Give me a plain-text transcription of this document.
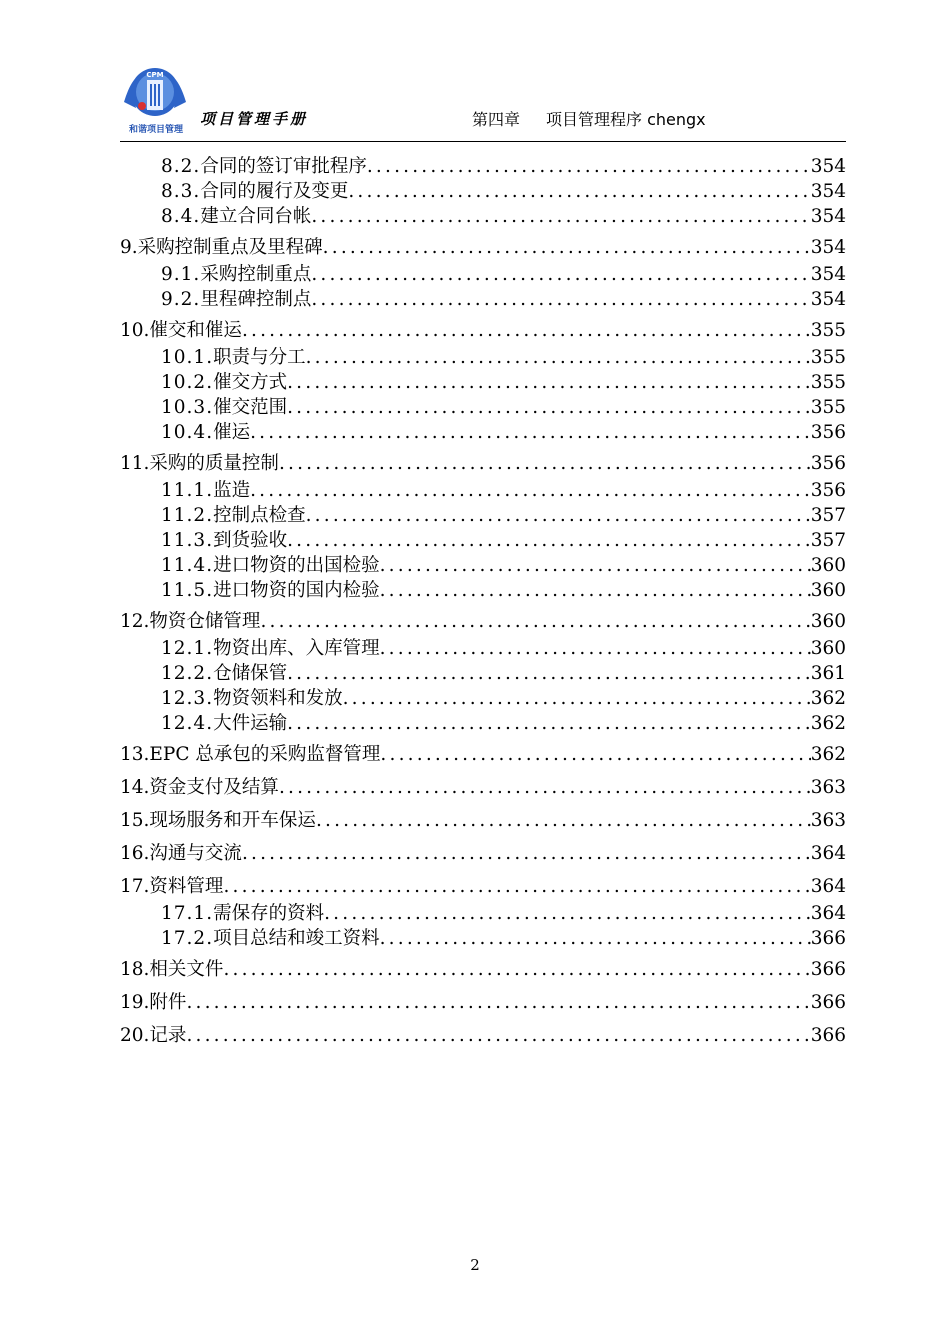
CPM
和谐项目管理
项目管理手册	第四章 项目管理程序 chengx
8.2. 合同的签订审批程序 .....	354
8.3. 合同的履行及变更 .....	354
8.4. 建立合同台帐 .....	354
9. 采购控制重点及里程碑 .....	354
9.1. 采购控制重点 .....	354
9.2. 里程碑控制点 .....	354
10. 催交和催运 .....	355
10.1. 职责与分工 .....	355
10.2. 催交方式 .....	355
10.3. 催交范围 .....	355
10.4. 催运 .....	356
11. 采购的质量控制 .....	356
11.1. 监造 .....	356
11.2. 控制点检查 .....	357
11.3. 到货验收 .....	357
11.4. 进口物资的出国检验 .....	360
11.5. 进口物资的国内检验 .....	360
12. 物资仓储管理 .....	360
12.1. 物资出库、入库管理 .....	360
12.2. 仓储保管 .....	361
12.3. 物资领料和发放 .....	362
12.4. 大件运输 .....	362
13. EPC 总承包的采购监督管理 .....	362
14. 资金支付及结算 .....	363
15. 现场服务和开车保运 .....	363
16. 沟通与交流 .....	364
17. 资料管理 .....	364
17.1. 需保存的资料 .....	364
17.2. 项目总结和竣工资料 .....	366
18. 相关文件 .....	366
19. 附件 .....	366
20. 记录 .....	366
2
